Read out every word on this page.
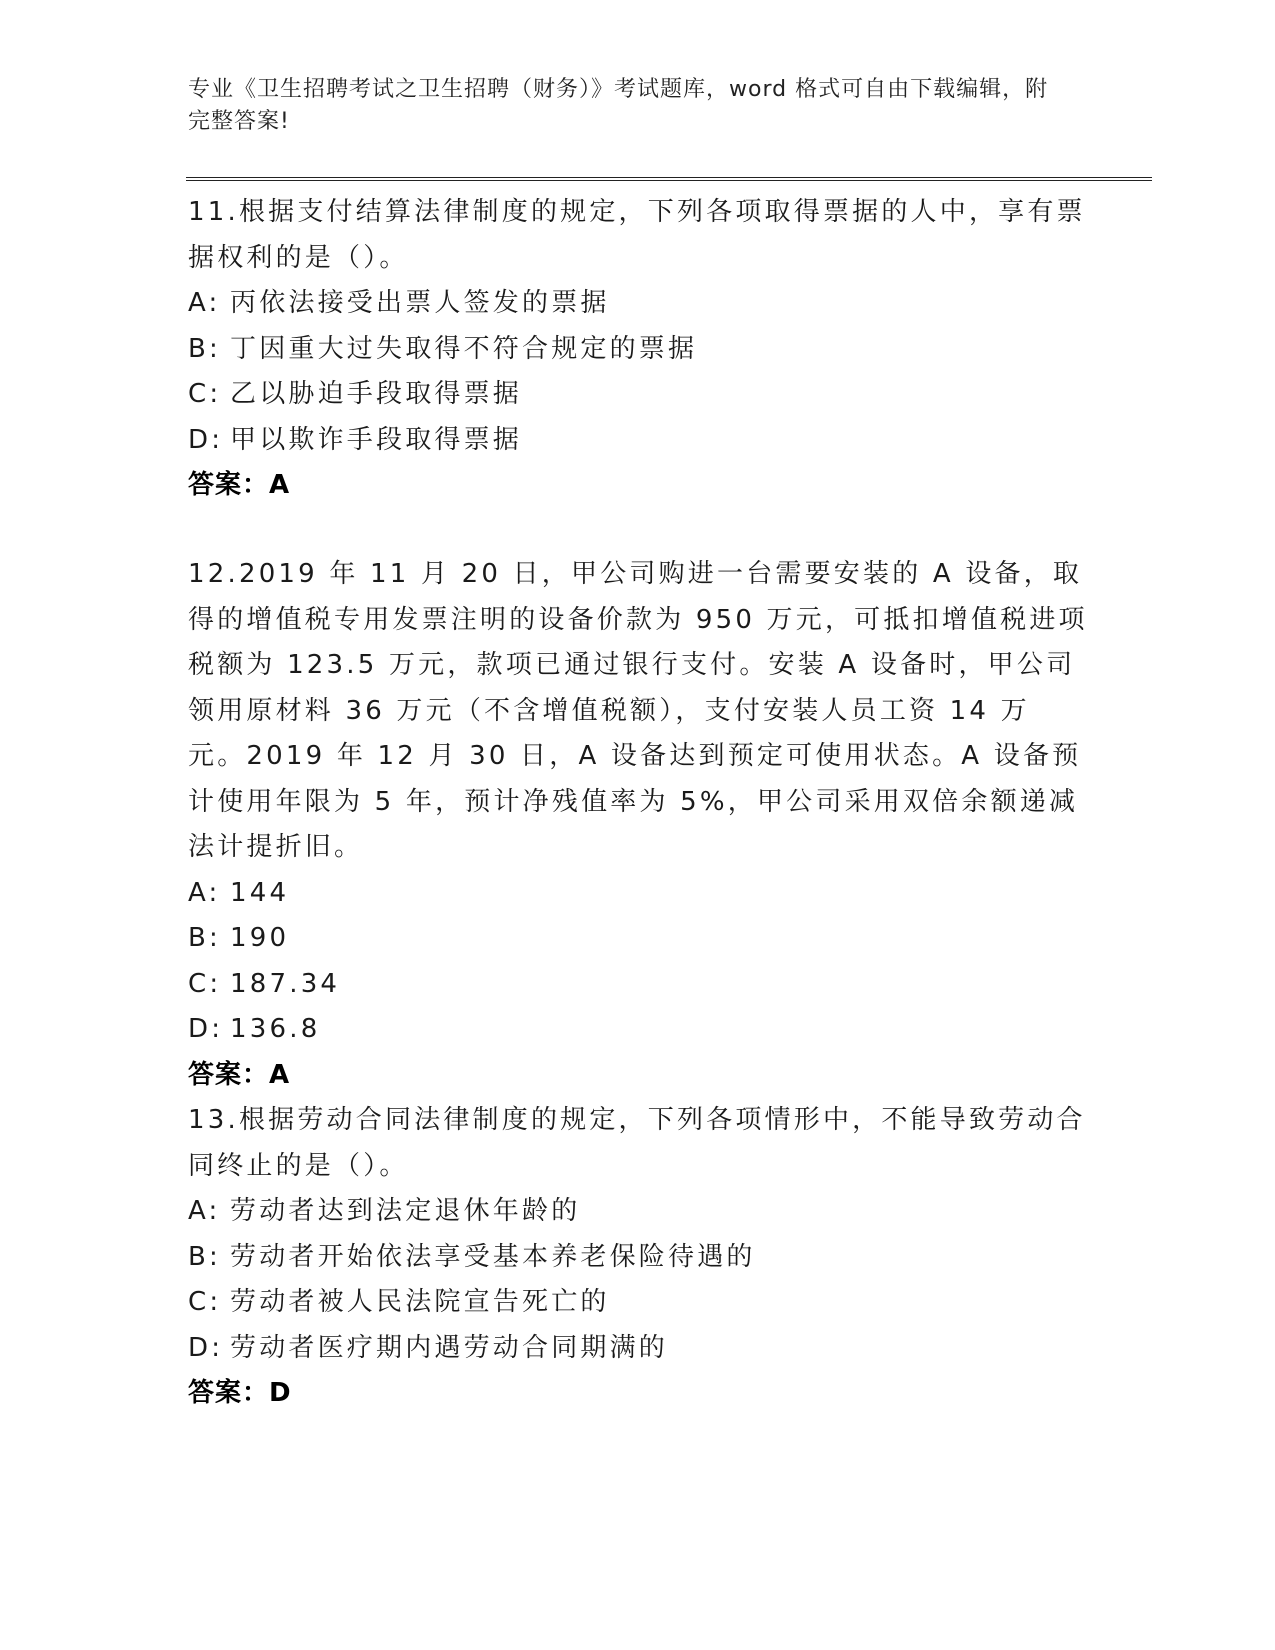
专业《卫生招聘考试之卫生招聘（财务）》考试题库，word 格式可自由下载编辑，附完整答案!

11.根据支付结算法律制度的规定，下列各项取得票据的人中，享有票据权利的是（）。

A: 丙依法接受出票人签发的票据
B: 丁因重大过失取得不符合规定的票据
C: 乙以胁迫手段取得票据
D: 甲以欺诈手段取得票据
答案：A

12.2019 年 11 月 20 日，甲公司购进一台需要安装的 A 设备，取得的增值税专用发票注明的设备价款为 950 万元，可抵扣增值税进项税额为 123.5 万元，款项已通过银行支付。安装 A 设备时，甲公司领用原材料 36 万元（不含增值税额），支付安装人员工资 14 万元。2019 年 12 月 30 日，A 设备达到预定可使用状态。A 设备预计使用年限为 5 年，预计净残值率为 5%，甲公司采用双倍余额递减法计提折旧。

A: 144
B: 190
C: 187.34
D: 136.8
答案：A

13.根据劳动合同法律制度的规定，下列各项情形中，不能导致劳动合同终止的是（）。

A: 劳动者达到法定退休年龄的
B: 劳动者开始依法享受基本养老保险待遇的
C: 劳动者被人民法院宣告死亡的
D: 劳动者医疗期内遇劳动合同期满的
答案：D
